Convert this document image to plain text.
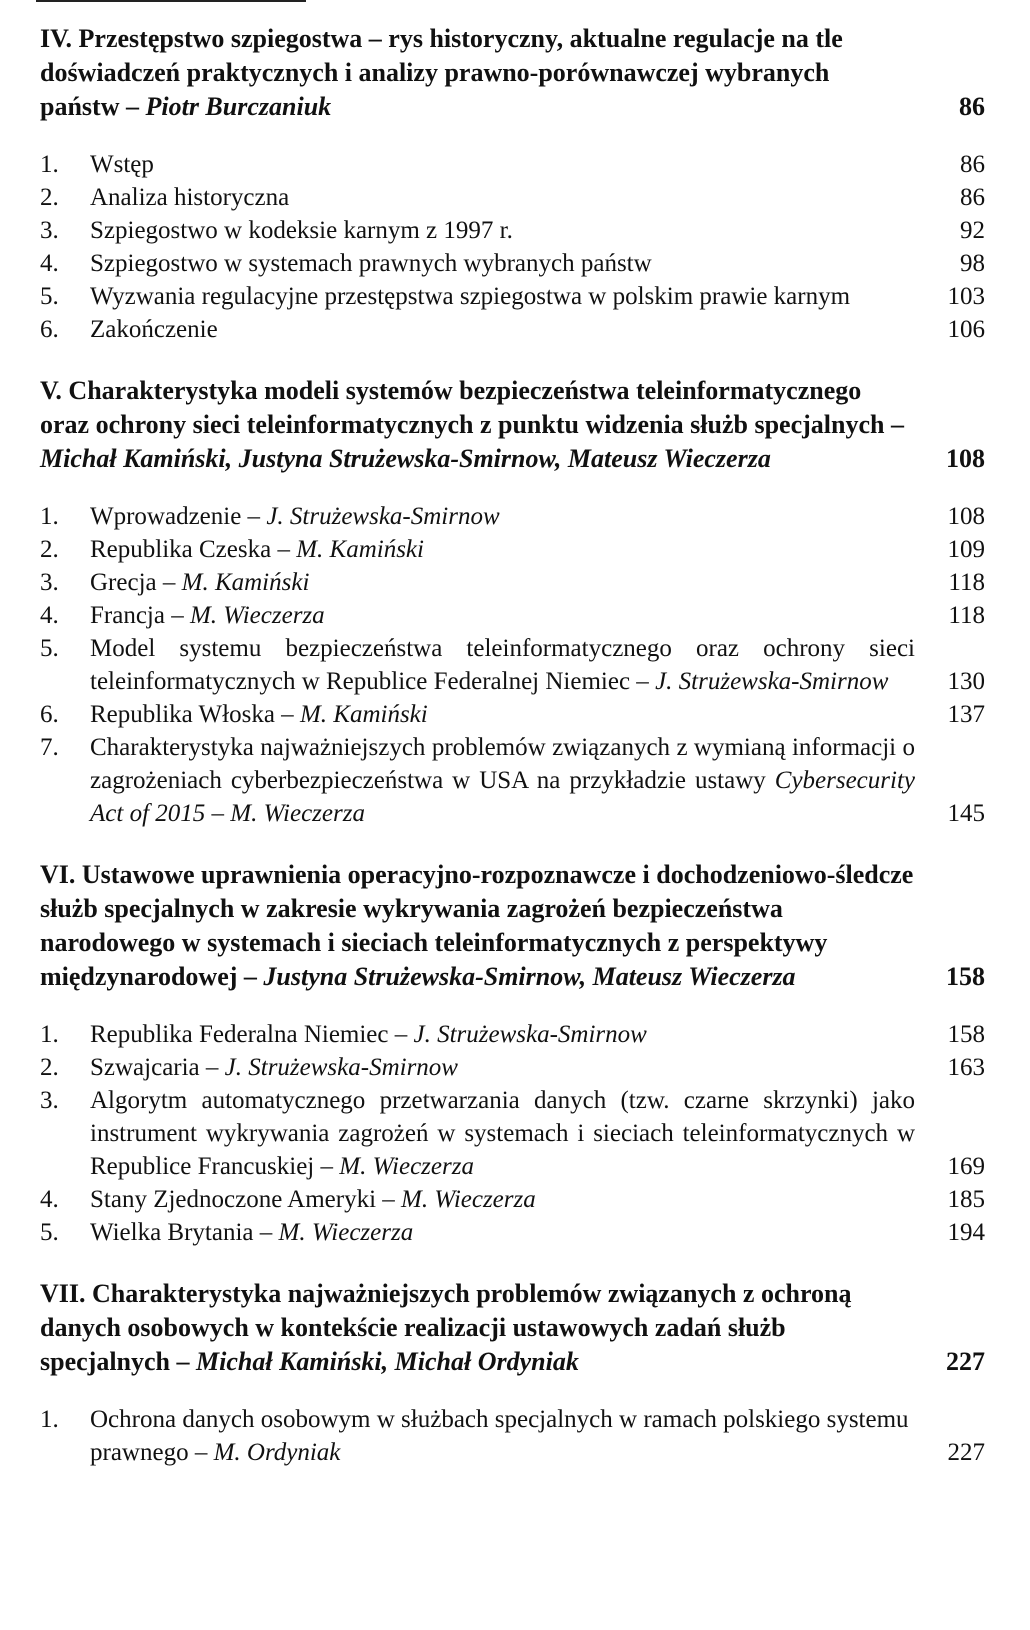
IV. Przestępstwo szpiegostwa – rys historyczny, aktualne regulacje na tle doświadczeń praktycznych i analizy prawno-porównawczej wybranych państw – Piotr Burczaniuk	86
1. Wstęp	86
2. Analiza historyczna	86
3. Szpiegostwo w kodeksie karnym z 1997 r.	92
4. Szpiegostwo w systemach prawnych wybranych państw	98
5. Wyzwania regulacyjne przestępstwa szpiegostwa w polskim prawie karnym	103
6. Zakończenie	106
V. Charakterystyka modeli systemów bezpieczeństwa teleinformatycznego oraz ochrony sieci teleinformatycznych z punktu widzenia służb specjalnych – Michał Kamiński, Justyna Strużewska-Smirnow, Mateusz Wieczerza	108
1. Wprowadzenie – J. Strużewska-Smirnow	108
2. Republika Czeska – M. Kamiński	109
3. Grecja – M. Kamiński	118
4. Francja – M. Wieczerza	118
5. Model systemu bezpieczeństwa teleinformatycznego oraz ochrony sieci teleinformatycznych w Republice Federalnej Niemiec – J. Strużewska-Smirnow 130
6. Republika Włoska – M. Kamiński	137
7. Charakterystyka najważniejszych problemów związanych z wymianą informacji o zagrożeniach cyberbezpieczeństwa w USA na przykładzie ustawy Cybersecurity Act of 2015 – M. Wieczerza	145
VI. Ustawowe uprawnienia operacyjno-rozpoznawcze i dochodzeniowo-śledcze służb specjalnych w zakresie wykrywania zagrożeń bezpieczeństwa narodowego w systemach i sieciach teleinformatycznych z perspektywy międzynarodowej – Justyna Strużewska-Smirnow, Mateusz Wieczerza	158
1. Republika Federalna Niemiec – J. Strużewska-Smirnow	158
2. Szwajcaria – J. Strużewska-Smirnow	163
3. Algorytm automatycznego przetwarzania danych (tzw. czarne skrzynki) jako instrument wykrywania zagrożeń w systemach i sieciach teleinformatycznych w Republice Francuskiej – M. Wieczerza	169
4. Stany Zjednoczone Ameryki – M. Wieczerza	185
5. Wielka Brytania – M. Wieczerza	194
VII. Charakterystyka najważniejszych problemów związanych z ochroną danych osobowych w kontekście realizacji ustawowych zadań służb specjalnych – Michał Kamiński, Michał Ordyniak	227
1. Ochrona danych osobowym w służbach specjalnych w ramach polskiego systemu prawnego – M. Ordyniak	227
